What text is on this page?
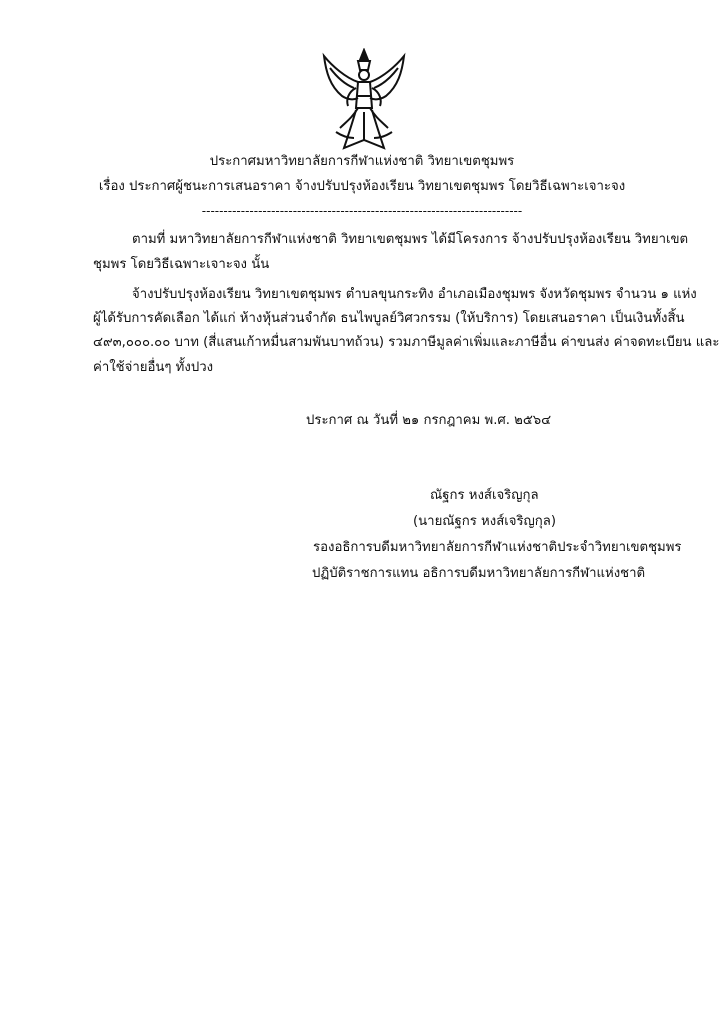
ประกาศมหาวิทยาลัยการกีฬาแห่งชาติ วิทยาเขตชุมพร
เรื่อง ประกาศผู้ชนะการเสนอราคา จ้างปรับปรุงห้องเรียน วิทยาเขตชุมพร โดยวิธีเฉพาะเจาะจง
--------------------------------------------------------------------------
ตามที่ มหาวิทยาลัยการกีฬาแห่งชาติ วิทยาเขตชุมพร ได้มีโครงการ จ้างปรับปรุงห้องเรียน วิทยาเขต
ชุมพร โดยวิธีเฉพาะเจาะจง นั้น
จ้างปรับปรุงห้องเรียน วิทยาเขตชุมพร ตำบลขุนกระทิง อำเภอเมืองชุมพร จังหวัดชุมพร จำนวน ๑ แห่ง
ผู้ได้รับการคัดเลือก ได้แก่ ห้างหุ้นส่วนจำกัด ธนไพบูลย์วิศวกรรม (ให้บริการ) โดยเสนอราคา เป็นเงินทั้งสิ้น
๔๙๓,๐๐๐.๐๐ บาท (สี่แสนเก้าหมื่นสามพันบาทถ้วน) รวมภาษีมูลค่าเพิ่มและภาษีอื่น ค่าขนส่ง ค่าจดทะเบียน และ
ค่าใช้จ่ายอื่นๆ ทั้งปวง
ประกาศ ณ วันที่ ๒๑ กรกฎาคม พ.ศ. ๒๕๖๔
ณัฐกร หงส์เจริญกุล
(นายณัฐกร หงส์เจริญกุล)
รองอธิการบดีมหาวิทยาลัยการกีฬาแห่งชาติประจำวิทยาเขตชุมพร
ปฏิบัติราชการแทน อธิการบดีมหาวิทยาลัยการกีฬาแห่งชาติ
